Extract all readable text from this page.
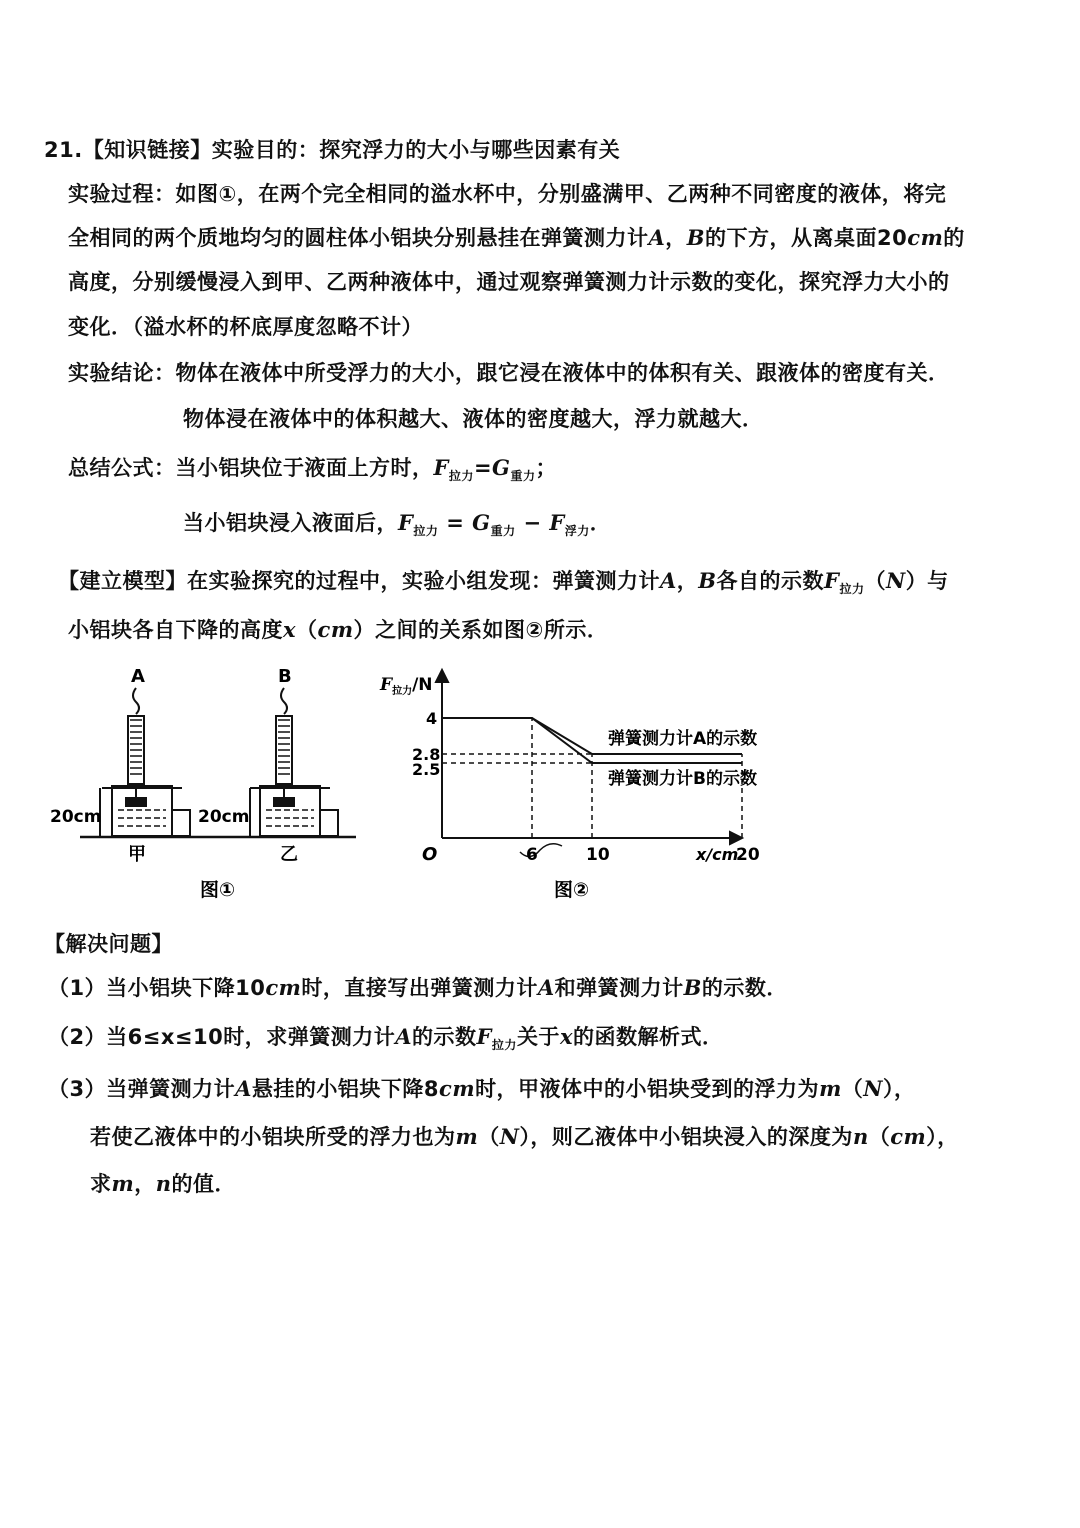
21.【知识链接】实验目的：探究浮力的大小与哪些因素有关
实验过程：如图①，在两个完全相同的溢水杯中，分别盛满甲、乙两种不同密度的液体，将完
全相同的两个质地均匀的圆柱体小铝块分别悬挂在弹簧测力计A，B的下方，从离桌面20cm的
高度，分别缓慢浸入到甲、乙两种液体中，通过观察弹簧测力计示数的变化，探究浮力大小的
变化．（溢水杯的杯底厚度忽略不计）
实验结论：物体在液体中所受浮力的大小，跟它浸在液体中的体积有关、跟液体的密度有关．
物体浸在液体中的体积越大、液体的密度越大，浮力就越大．
总结公式：当小铝块位于液面上方时，$F_{拉力}=G_{重力}$；
当小铝块浸入液面后，$F_{拉力} = G_{重力} - F_{浮力}$．
【建立模型】在实验探究的过程中，实验小组发现：弹簧测力计A，B各自的示数$F_{拉力}(N)$与
小铝块各自下降的高度x（cm）之间的关系如图②所示．
A	B
20cm	20cm
甲	乙
图①
$F_{拉力}/N$
O	x/cm
6	10	20
4
2.8
2.5
弹簧测力计A的示数
弹簧测力计B的示数
图②
【解决问题】
（1）当小铝块下降10cm时，直接写出弹簧测力计A和弹簧测力计B的示数．
（2）当6≤x≤10时，求弹簧测力计A的示数$F_{拉力}$关于x的函数解析式．
（3）当弹簧测力计A悬挂的小铝块下降8cm时，甲液体中的小铝块受到的浮力为m（N），
若使乙液体中的小铝块所受的浮力也为m（N），则乙液体中小铝块浸入的深度为n（cm），
求m，n的值．
